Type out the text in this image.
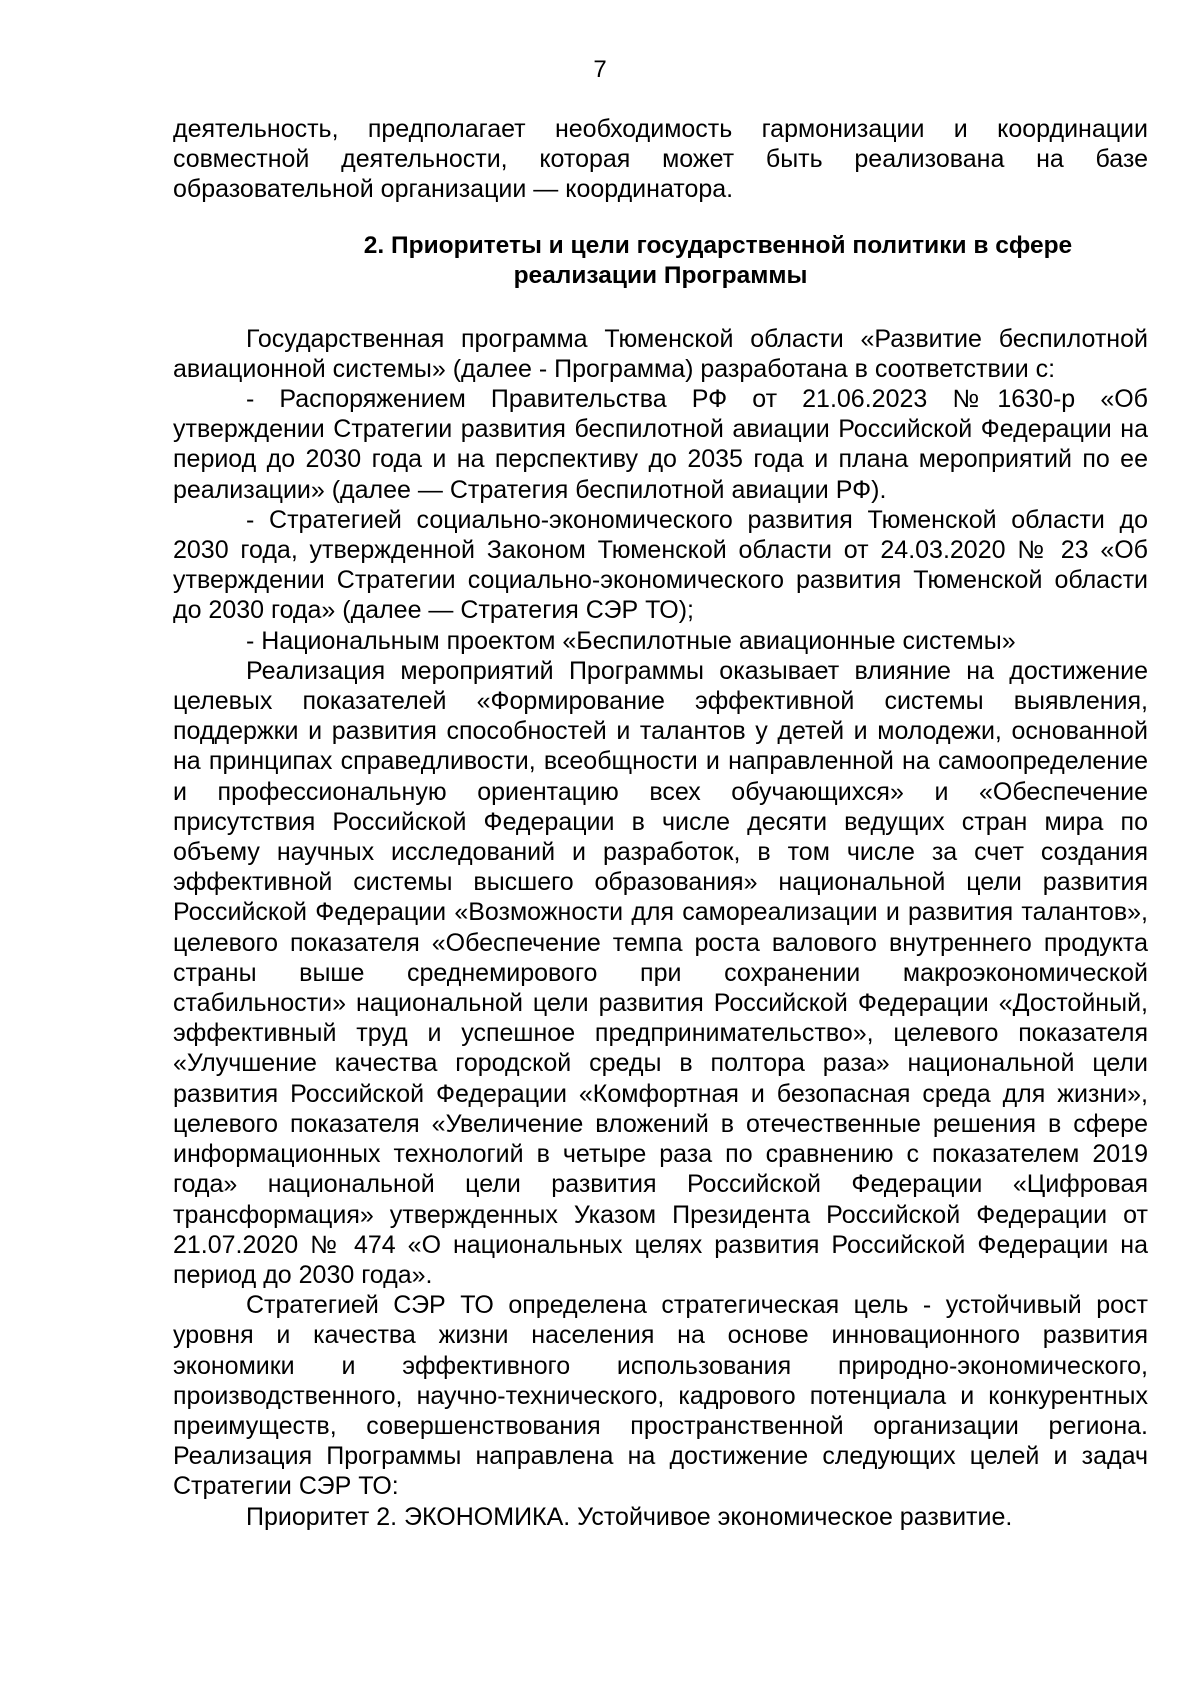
7

деятельность, предполагает необходимость гармонизации и координации совместной деятельности, которая может быть реализована на базе образовательной организации — координатора.

2. Приоритеты и цели государственной политики в сфере
реализации Программы

Государственная программа Тюменской области «Развитие беспилотной авиационной системы» (далее - Программа) разработана в соответствии с:

- Распоряжением Правительства РФ от 21.06.2023 №1630-р «Об утверждении Стратегии развития беспилотной авиации Российской Федерации на период до 2030 года и на перспективу до 2035 года и плана мероприятий по ее реализации» (далее — Стратегия беспилотной авиации РФ).

- Стратегией социально-экономического развития Тюменской области до 2030 года, утвержденной Законом Тюменской области от 24.03.2020 № 23 «Об утверждении Стратегии социально-экономического развития Тюменской области до 2030 года» (далее — Стратегия СЭР ТО);

- Национальным проектом «Беспилотные авиационные системы»

Реализация мероприятий Программы оказывает влияние на достижение целевых показателей «Формирование эффективной системы выявления, поддержки и развития способностей и талантов у детей и молодежи, основанной на принципах справедливости, всеобщности и направленной на самоопределение и профессиональную ориентацию всех обучающихся» и «Обеспечение присутствия Российской Федерации в числе десяти ведущих стран мира по объему научных исследований и разработок, в том числе за счет создания эффективной системы высшего образования» национальной цели развития Российской Федерации «Возможности для самореализации и развития талантов», целевого показателя «Обеспечение темпа роста валового внутреннего продукта страны выше среднемирового при сохранении макроэкономической стабильности» национальной цели развития Российской Федерации «Достойный, эффективный труд и успешное предпринимательство», целевого показателя «Улучшение качества городской среды в полтора раза» национальной цели развития Российской Федерации «Комфортная и безопасная среда для жизни», целевого показателя «Увеличение вложений в отечественные решения в сфере информационных технологий в четыре раза по сравнению с показателем 2019 года» национальной цели развития Российской Федерации «Цифровая трансформация» утвержденных Указом Президента Российской Федерации от 21.07.2020 № 474 «О национальных целях развития Российской Федерации на период до 2030 года».

Стратегией СЭР ТО определена стратегическая цель - устойчивый рост уровня и качества жизни населения на основе инновационного развития экономики и эффективного использования природно-экономического, производственного, научно-технического, кадрового потенциала и конкурентных преимуществ, совершенствования пространственной организации региона. Реализация Программы направлена на достижение следующих целей и задач Стратегии СЭР ТО:

Приоритет 2. ЭКОНОМИКА. Устойчивое экономическое развитие.
